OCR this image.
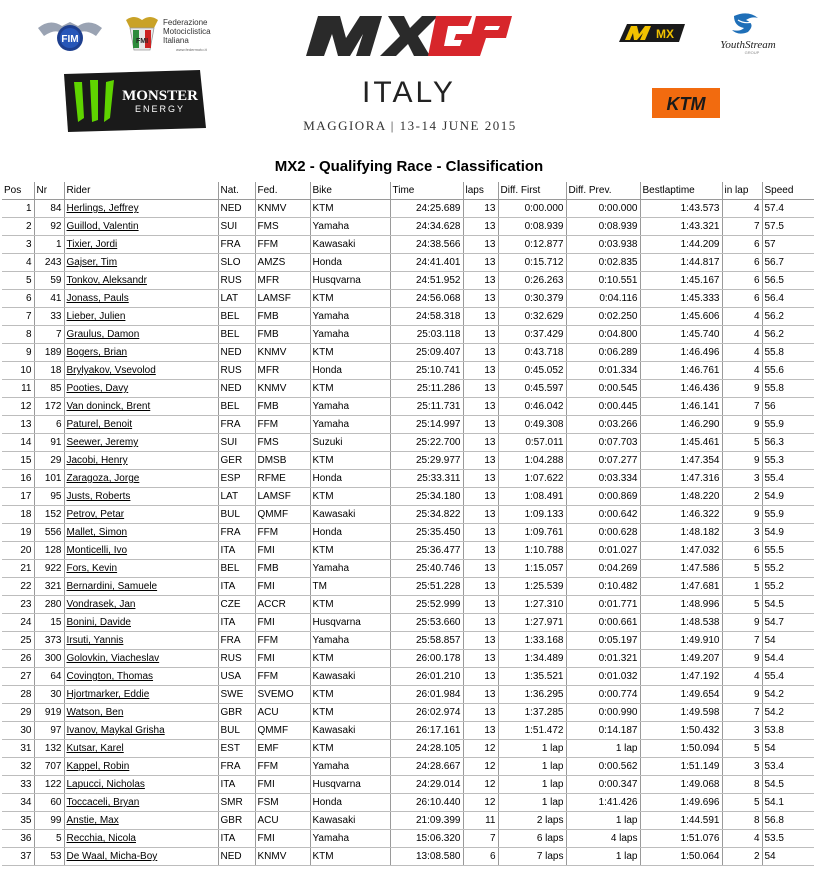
FIM	FMI
Federazione
Motociclistica
Italiana
www.federmoto.it
MONSTER
ENERGY	ITALY
MAGGIORA | 13-14 JUNE 2015
MX
YouthStream
GROUP
KTM
MX2 - Qualifying Race - Classification
Pos	Nr	Rider	Nat.	Fed.	Bike	Time	laps	Diff. First	Diff. Prev.	Bestlaptime	in lap	Speed
1	84	Herlings, Jeffrey	NED	KNMV	KTM	24:25.689	13	0:00.000	0:00.000	1:43.573	4	57.4
2	92	Guillod, Valentin	SUI	FMS	Yamaha	24:34.628	13	0:08.939	0:08.939	1:43.321	7	57.5
3	1	Tixier, Jordi	FRA	FFM	Kawasaki	24:38.566	13	0:12.877	0:03.938	1:44.209	6	57
4	243	Gajser, Tim	SLO	AMZS	Honda	24:41.401	13	0:15.712	0:02.835	1:44.817	6	56.7
5	59	Tonkov, Aleksandr	RUS	MFR	Husqvarna	24:51.952	13	0:26.263	0:10.551	1:45.167	6	56.5
6	41	Jonass, Pauls	LAT	LAMSF	KTM	24:56.068	13	0:30.379	0:04.116	1:45.333	6	56.4
7	33	Lieber, Julien	BEL	FMB	Yamaha	24:58.318	13	0:32.629	0:02.250	1:45.606	4	56.2
8	7	Graulus, Damon	BEL	FMB	Yamaha	25:03.118	13	0:37.429	0:04.800	1:45.740	4	56.2
9	189	Bogers, Brian	NED	KNMV	KTM	25:09.407	13	0:43.718	0:06.289	1:46.496	4	55.8
10	18	Brylyakov, Vsevolod	RUS	MFR	Honda	25:10.741	13	0:45.052	0:01.334	1:46.761	4	55.6
11	85	Pooties, Davy	NED	KNMV	KTM	25:11.286	13	0:45.597	0:00.545	1:46.436	9	55.8
12	172	Van doninck, Brent	BEL	FMB	Yamaha	25:11.731	13	0:46.042	0:00.445	1:46.141	7	56
13	6	Paturel, Benoit	FRA	FFM	Yamaha	25:14.997	13	0:49.308	0:03.266	1:46.290	9	55.9
14	91	Seewer, Jeremy	SUI	FMS	Suzuki	25:22.700	13	0:57.011	0:07.703	1:45.461	5	56.3
15	29	Jacobi, Henry	GER	DMSB	KTM	25:29.977	13	1:04.288	0:07.277	1:47.354	9	55.3
16	101	Zaragoza, Jorge	ESP	RFME	Honda	25:33.311	13	1:07.622	0:03.334	1:47.316	3	55.4
17	95	Justs, Roberts	LAT	LAMSF	KTM	25:34.180	13	1:08.491	0:00.869	1:48.220	2	54.9
18	152	Petrov, Petar	BUL	QMMF	Kawasaki	25:34.822	13	1:09.133	0:00.642	1:46.322	9	55.9
19	556	Mallet, Simon	FRA	FFM	Honda	25:35.450	13	1:09.761	0:00.628	1:48.182	3	54.9
20	128	Monticelli, Ivo	ITA	FMI	KTM	25:36.477	13	1:10.788	0:01.027	1:47.032	6	55.5
21	922	Fors, Kevin	BEL	FMB	Yamaha	25:40.746	13	1:15.057	0:04.269	1:47.586	5	55.2
22	321	Bernardini, Samuele	ITA	FMI	TM	25:51.228	13	1:25.539	0:10.482	1:47.681	1	55.2
23	280	Vondrasek, Jan	CZE	ACCR	KTM	25:52.999	13	1:27.310	0:01.771	1:48.996	5	54.5
24	15	Bonini, Davide	ITA	FMI	Husqvarna	25:53.660	13	1:27.971	0:00.661	1:48.538	9	54.7
25	373	Irsuti, Yannis	FRA	FFM	Yamaha	25:58.857	13	1:33.168	0:05.197	1:49.910	7	54
26	300	Golovkin, Viacheslav	RUS	FMI	KTM	26:00.178	13	1:34.489	0:01.321	1:49.207	9	54.4
27	64	Covington, Thomas	USA	FFM	Kawasaki	26:01.210	13	1:35.521	0:01.032	1:47.192	4	55.4
28	30	Hjortmarker, Eddie	SWE	SVEMO	KTM	26:01.984	13	1:36.295	0:00.774	1:49.654	9	54.2
29	919	Watson, Ben	GBR	ACU	KTM	26:02.974	13	1:37.285	0:00.990	1:49.598	7	54.2
30	97	Ivanov, Maykal Grisha	BUL	QMMF	Kawasaki	26:17.161	13	1:51.472	0:14.187	1:50.432	3	53.8
31	132	Kutsar, Karel	EST	EMF	KTM	24:28.105	12	1 lap	1 lap	1:50.094	5	54
32	707	Kappel, Robin	FRA	FFM	Yamaha	24:28.667	12	1 lap	0:00.562	1:51.149	3	53.4
33	122	Lapucci, Nicholas	ITA	FMI	Husqvarna	24:29.014	12	1 lap	0:00.347	1:49.068	8	54.5
34	60	Toccaceli, Bryan	SMR	FSM	Honda	26:10.440	12	1 lap	1:41.426	1:49.696	5	54.1
35	99	Anstie, Max	GBR	ACU	Kawasaki	21:09.399	11	2 laps	1 lap	1:44.591	8	56.8
36	5	Recchia, Nicola	ITA	FMI	Yamaha	15:06.320	7	6 laps	4 laps	1:51.076	4	53.5
37	53	De Waal, Micha-Boy	NED	KNMV	KTM	13:08.580	6	7 laps	1 lap	1:50.064	2	54
